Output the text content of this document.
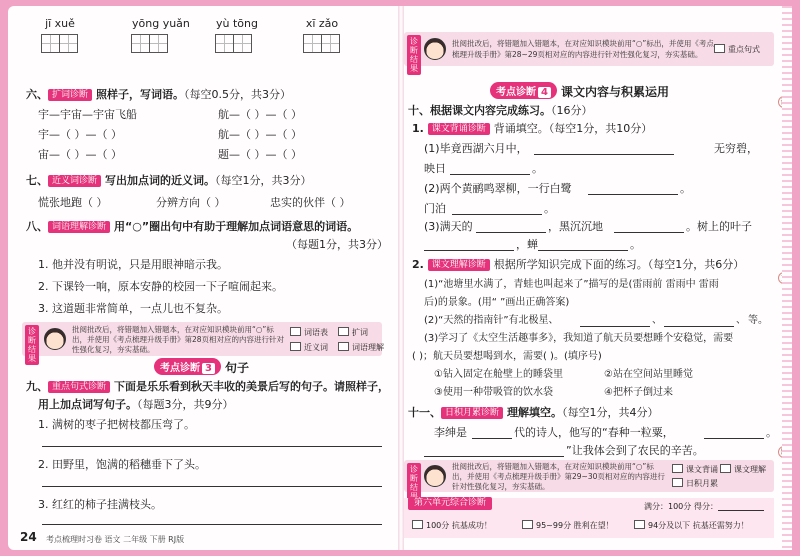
jī xuě	yōng yuǎn yù tōng	xī zǎo
六、 扩词诊断 照样子，写词语。（每空0.5分，共3分）
宇—宇宙—宇宙飞船	航—（ ）—（ ）
宇—（ ）—（ ）	航—（ ）—（ ）
宙—（ ）—（ ）	题—（ ）—（ ）
七、 近义词诊断 写出加点词的近义词。（每空1分，共3分）
慌张地跑（ ）	分辨方向（ ）	忠实的伙伴（ ）
八、 词语理解诊断 用“○”圈出句中有助于理解加点词语意思的词语。
（每题1分，共3分）
1. 他并没有明说，只是用眼神暗示我。
2. 下课铃一响，原本安静的校园一下子喧闹起来。
3. 这道题非常简单，一点儿也不复杂。
诊断结果
批阅批改后，将错题加入错题本，在对应知识模块前用“○”标
出，并使用《考点梳理升级手册》第28页相对应的内容进行针对
性强化复习，夯实基础。
词语表	扩词
近义词	词语理解
考点诊断 3 句子
九、 重点句式诊断 下面是乐乐看到秋天丰收的美景后写的句子。请照样子，
用上加点词写句子。（每题3分，共9分）
1. 满树的枣子把树枝都压弯了。
2. 田野里，饱满的稻穗垂下了头。
3. 红红的柿子挂满枝头。
24 考点梳理时习卷 语文 二年级 下册 RJ版
诊断结果
批阅批改后，将错题加入错题本，在对应知识模块前用“○”标出，并使用《考点
梳理升级手册》第28~29页相对应的内容进行针对性强化复习，夯实基础。
重点句式
考点诊断 4 课文内容与积累运用
十、根据课文内容完成练习。（16分）
1. 课文背诵诊断 背诵填空。（每空1分，共10分）
(1)毕竟西湖六月中，	无穷碧，
映日	。
(2)两个黄鹂鸣翠柳，一行白鹭	。
门泊	。
(3)满天的	，黑沉沉地	。树上的叶子
，蝉	。
2. 课文理解诊断 根据所学知识完成下面的练习。（每空1分，共6分）
(1)“池塘里水满了，青蛙也叫起来了”描写的是(雷雨前 雷雨中 雷雨
后)的景象。(用“ ”画出正确答案)
(2)“天然的指南针”有北极星、	、	、 等。
(3)学习了《太空生活趣事多》，我知道了航天员要想睡个安稳觉，需要
( )；航天员要想喝到水，需要( )。(填序号)
①钻入固定在舱壁上的睡袋里	②站在空间站里睡觉
③使用一种带吸管的饮水袋	④把杯子倒过来
十一、 日积月累诊断 理解填空。（每空1分，共4分）
李绅是	代的诗人，他写的“春种一粒粟，	。
”让我体会到了农民的辛苦。
诊断结
批阅批改后，将错题加入错题本，在对应知识模块前用“○”标
出，并使用《考点梳理升级手册》第29~30页相对应的内容进行
针对性强化复习，夯实基础。
课文背诵	课文理解
日积月累
第六单元综合诊断	满分：100分 得分：
100分 抗基成功！	95~99分 胜利在望！	94分及以下 抗基还需努力！
